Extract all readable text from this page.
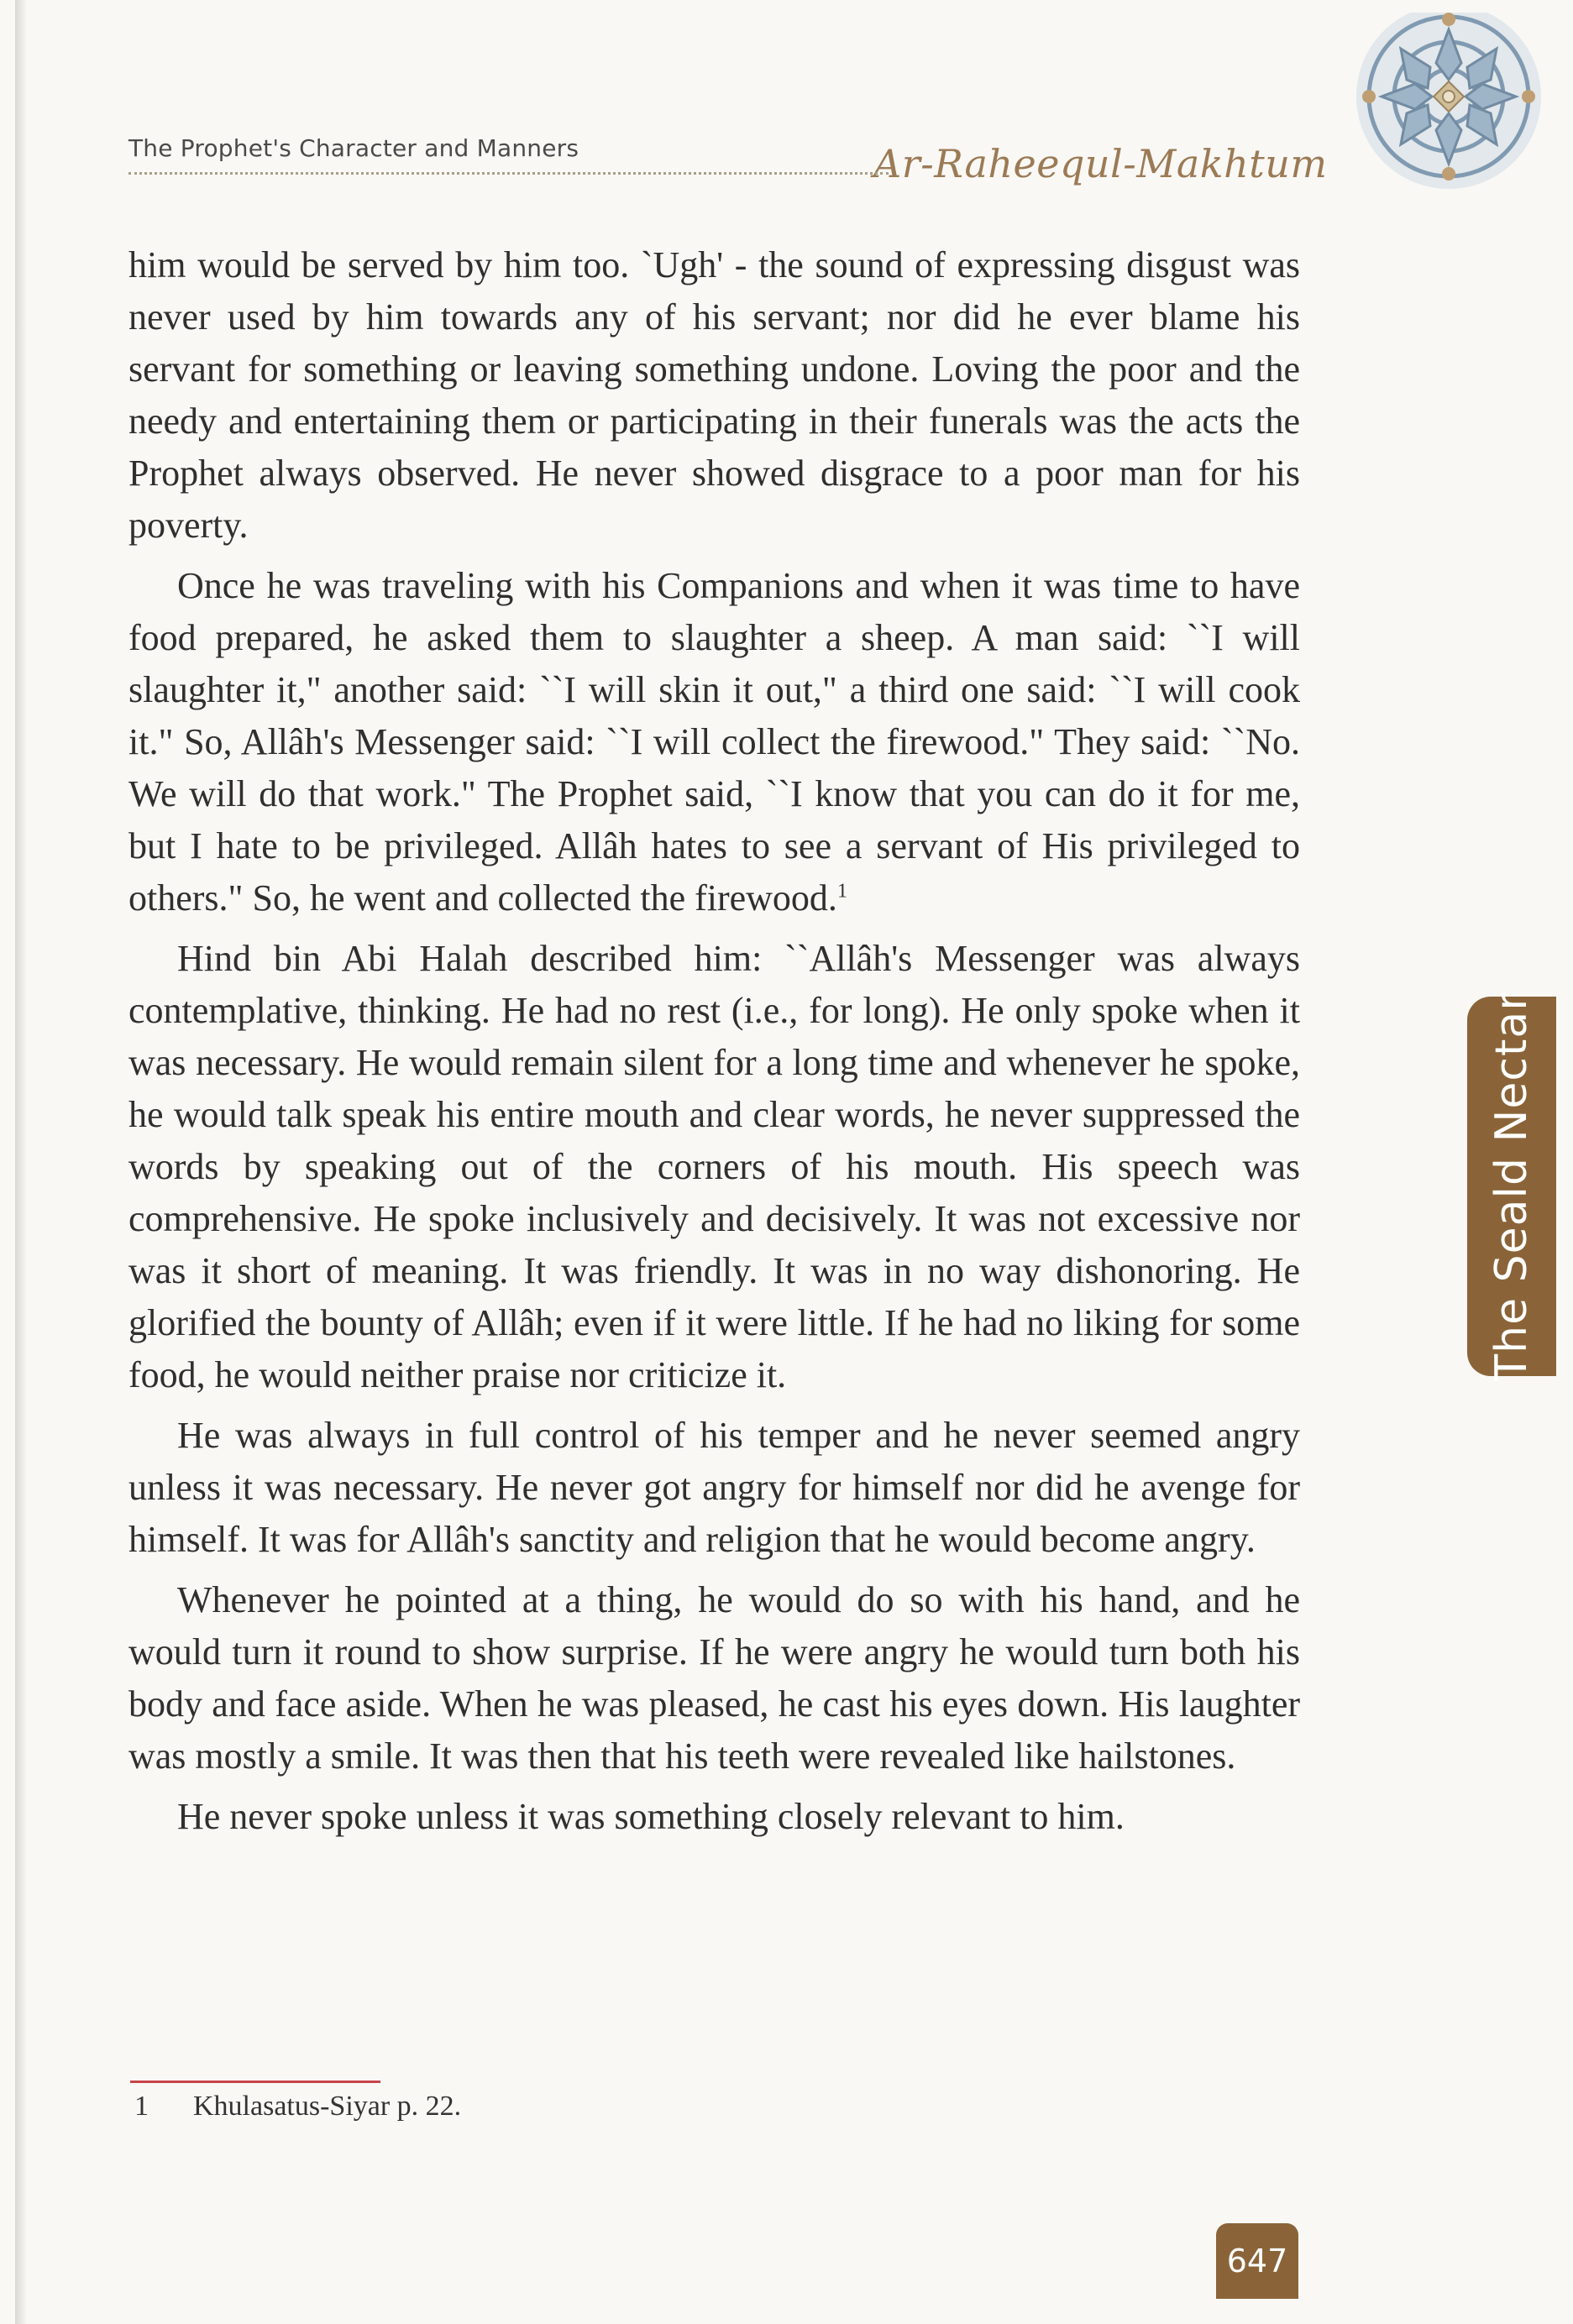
The Prophet's Character and Manners	Ar-Raheequl-Makhtum

him would be served by him too. `Ugh' - the sound of expressing disgust was never used by him towards any of his servant; nor did he ever blame his servant for something or leaving something undone. Loving the poor and the needy and entertaining them or participating in their funerals was the acts the Prophet always observed. He never showed disgrace to a poor man for his poverty.

Once he was traveling with his Companions and when it was time to have food prepared, he asked them to slaughter a sheep. A man said: ``I will slaughter it," another said: ``I will skin it out," a third one said: ``I will cook it." So, Allâh's Messenger said: ``I will collect the firewood." They said: ``No. We will do that work." The Prophet said, ``I know that you can do it for me, but I hate to be privileged. Allâh hates to see a servant of His privileged to others." So, he went and collected the firewood.$^1$

Hind bin Abi Halah described him: ``Allâh's Messenger was always contemplative, thinking. He had no rest (i.e., for long). He only spoke when it was necessary. He would remain silent for a long time and whenever he spoke, he would talk speak his entire mouth and clear words, he never suppressed the words by speaking out of the corners of his mouth. His speech was comprehensive. He spoke inclusively and decisively. It was not excessive nor was it short of meaning. It was friendly. It was in no way dishonoring. He glorified the bounty of Allâh; even if it were little. If he had no liking for some food, he would neither praise nor criticize it.

He was always in full control of his temper and he never seemed angry unless it was necessary. He never got angry for himself nor did he avenge for himself. It was for Allâh's sanctity and religion that he would become angry.

Whenever he pointed at a thing, he would do so with his hand, and he would turn it round to show surprise. If he were angry he would turn both his body and face aside. When he was pleased, he cast his eyes down. His laughter was mostly a smile. It was then that his teeth were revealed like hailstones.

He never spoke unless it was something closely relevant to him.

The Seald Nectar
1 Khulasatus-Siyar p. 22.
647
